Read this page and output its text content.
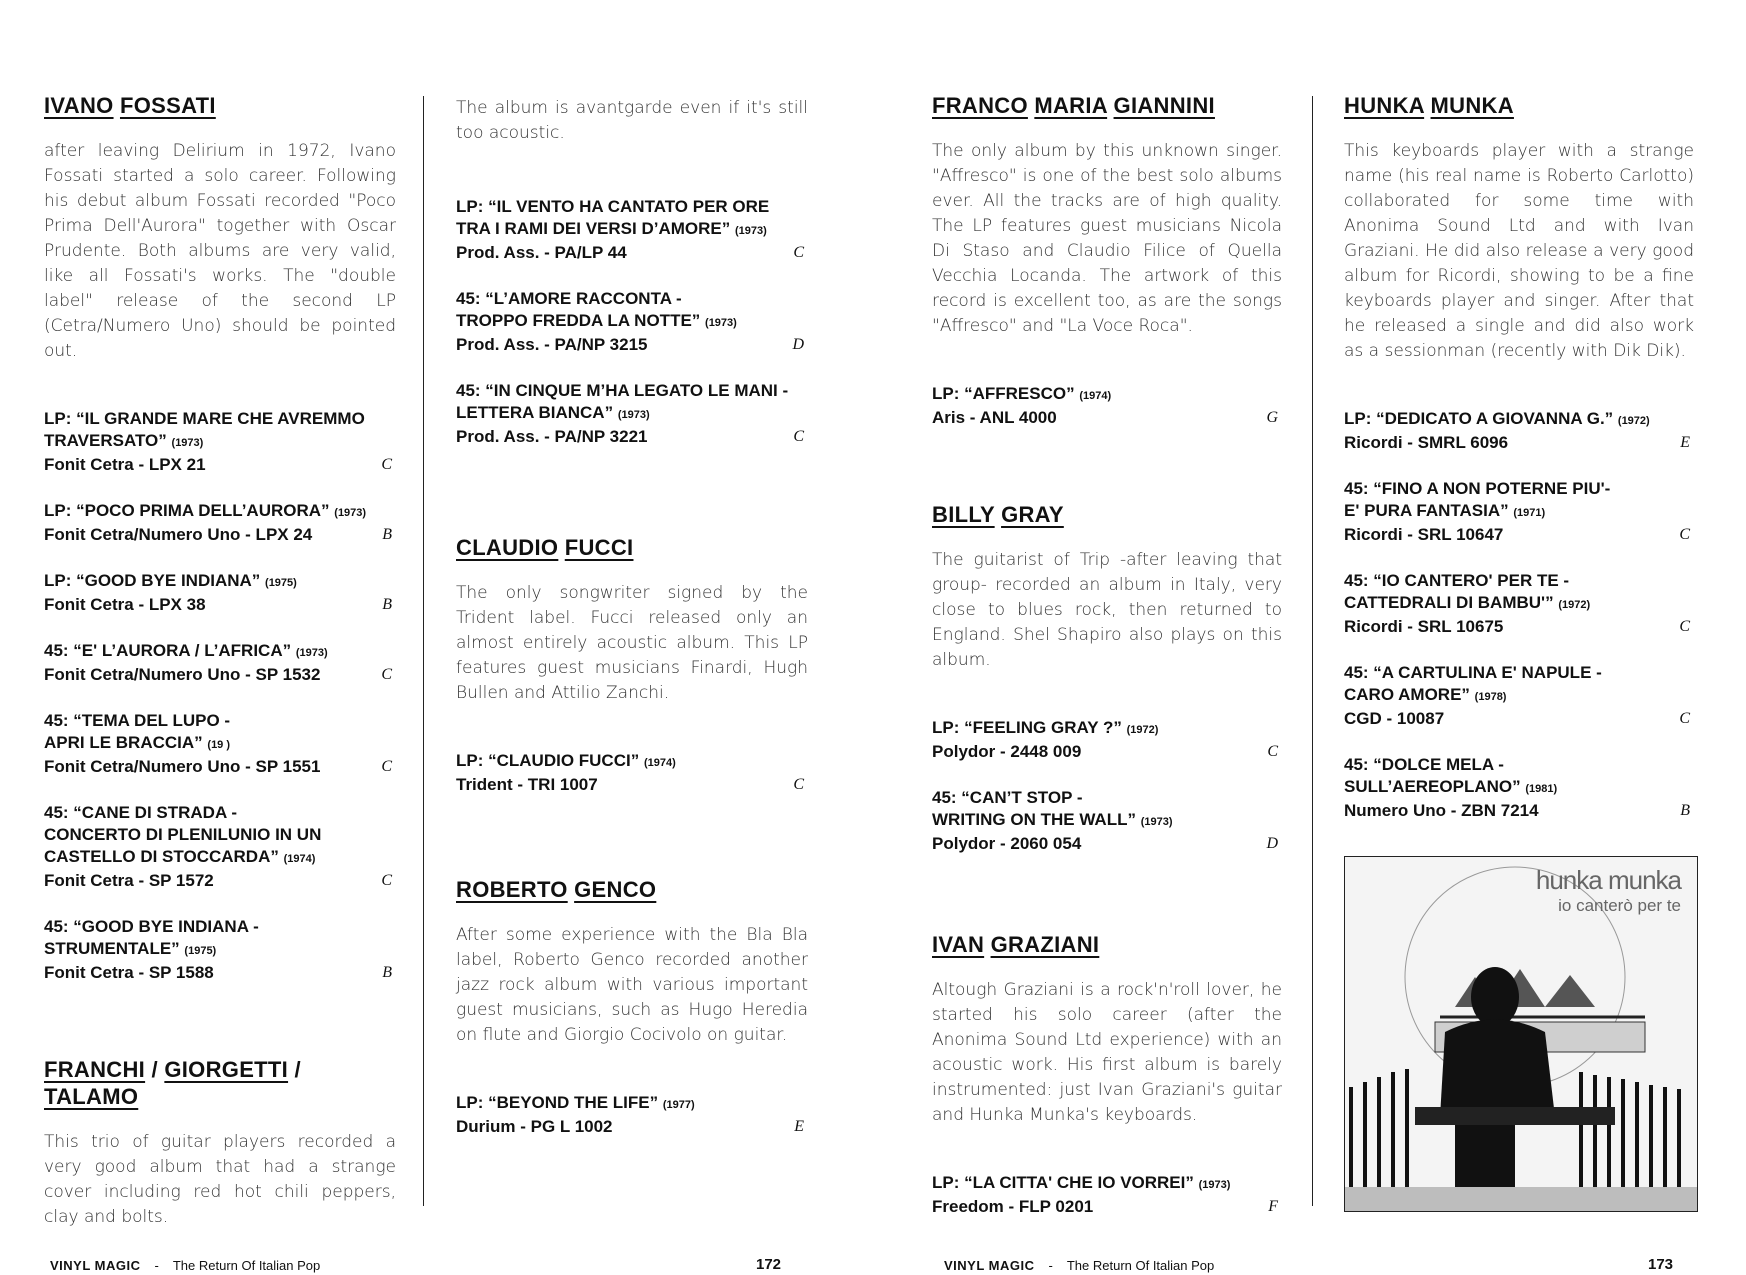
IVANO FOSSATI

after leaving Delirium in 1972, Ivano Fossati started a solo career. Following his debut album Fossati recorded "Poco Prima Dell'Aurora" together with Oscar Prudente. Both albums are very valid, like all Fossati's works. The "double label" release of the second LP (Cetra/Numero Uno) should be pointed out.

LP: “IL GRANDE MARE CHE AVREMMO
TRAVERSATO” (1973)
Fonit Cetra - LPX 21	C
LP: “POCO PRIMA DELL’AURORA” (1973)
Fonit Cetra/Numero Uno - LPX 24	B
LP: “GOOD BYE INDIANA” (1975)
Fonit Cetra - LPX 38	B
45: “E' L’AURORA / L’AFRICA” (1973)
Fonit Cetra/Numero Uno - SP 1532	C
45: “TEMA DEL LUPO -
APRI LE BRACCIA” (19 )
Fonit Cetra/Numero Uno - SP 1551	C
45: “CANE DI STRADA -
CONCERTO DI PLENILUNIO IN UN
CASTELLO DI STOCCARDA” (1974)
Fonit Cetra - SP 1572	C
45: “GOOD BYE INDIANA -
STRUMENTALE” (1975)
Fonit Cetra - SP 1588	B
FRANCHI / GIORGETTI /
TALAMO

This trio of guitar players recorded a very good album that had a strange cover including red hot chili peppers, clay and bolts.

The album is avantgarde even if it's still too acoustic.

LP: “IL VENTO HA CANTATO PER ORE
TRA I RAMI DEI VERSI D’AMORE” (1973)
Prod. Ass. - PA/LP 44	C
45: “L’AMORE RACCONTA -
TROPPO FREDDA LA NOTTE” (1973)
Prod. Ass. - PA/NP 3215	D
45: “IN CINQUE M’HA LEGATO LE MANI -
LETTERA BIANCA” (1973)
Prod. Ass. - PA/NP 3221	C
CLAUDIO FUCCI

The only songwriter signed by the Trident label. Fucci released only an almost entirely acoustic album. This LP features guest musicians Finardi, Hugh Bullen and Attilio Zanchi.

LP: “CLAUDIO FUCCI” (1974)
Trident - TRI 1007	C
ROBERTO GENCO

After some experience with the Bla Bla label, Roberto Genco recorded another jazz rock album with various important guest musicians, such as Hugo Heredia on flute and Giorgio Cocivolo on guitar.

LP: “BEYOND THE LIFE” (1977)
Durium - PG L 1002	E
FRANCO MARIA GIANNINI

The only album by this unknown singer. "Affresco" is one of the best solo albums ever. All the tracks are of high quality. The LP features guest musicians Nicola Di Staso and Claudio Filice of Quella Vecchia Locanda. The artwork of this record is excellent too, as are the songs "Affresco" and "La Voce Roca".

LP: “AFFRESCO” (1974)
Aris - ANL 4000	G
BILLY GRAY

The guitarist of Trip -after leaving that group- recorded an album in Italy, very close to blues rock, then returned to England. Shel Shapiro also plays on this album.

LP: “FEELING GRAY ?” (1972)
Polydor - 2448 009	C
45: “CAN’T STOP -
WRITING ON THE WALL” (1973)
Polydor - 2060 054	D
IVAN GRAZIANI

Altough Graziani is a rock'n'roll lover, he started his solo career (after the Anonima Sound Ltd experience) with an acoustic work. His first album is barely instrumented: just Ivan Graziani's guitar and Hunka Munka's keyboards.

LP: “LA CITTA' CHE IO VORREI” (1973)
Freedom - FLP 0201	F
HUNKA MUNKA

This keyboards player with a strange name (his real name is Roberto Carlotto) collaborated for some time with Anonima Sound Ltd and with Ivan Graziani. He did also release a very good album for Ricordi, showing to be a fine keyboards player and singer. After that he released a single and did also work as a sessionman (recently with Dik Dik).

LP: “DEDICATO A GIOVANNA G.” (1972)
Ricordi - SMRL 6096	E
45: “FINO A NON POTERNE PIU'-
E' PURA FANTASIA” (1971)
Ricordi - SRL 10647	C
45: “IO CANTERO' PER TE -
CATTEDRALI DI BAMBU'” (1972)
Ricordi - SRL 10675	C
45: “A CARTULINA E' NAPULE -
CARO AMORE” (1978)
CGD - 10087	C
45: “DOLCE MELA -
SULL’AEREOPLANO” (1981)
Numero Uno - ZBN 7214	B
hunka munka
io canterò per te
VINYL MAGIC - The Return Of Italian Pop	172	VINYL MAGIC - The Return Of Italian Pop	173
